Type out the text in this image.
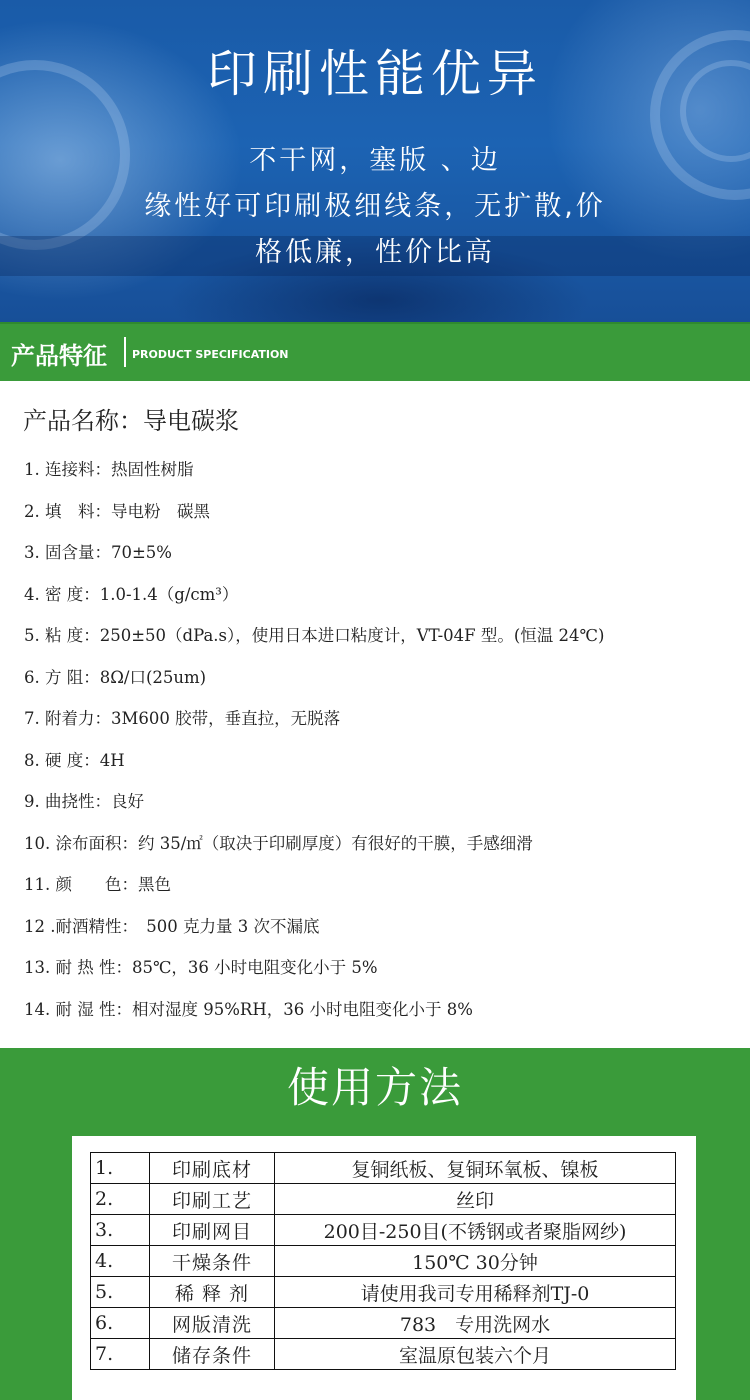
印刷性能优异
不干网，塞版 、边
缘性好可印刷极细线条，无扩散,价
格低廉，性价比高
产品特征 PRODUCT SPECIFICATION
产品名称：导电碳浆
1. 连接料：热固性树脂
2. 填　料：导电粉　碳黑
3. 固含量：70±5%
4. 密 度：1.0-1.4（g/cm³）
5. 粘 度：250±50（dPa.s），使用日本进口粘度计，VT-04F 型。(恒温 24℃)
6. 方 阻：8Ω/口(25um)
7. 附着力：3M600 胶带，垂直拉，无脱落
8. 硬 度：4H
9. 曲挠性：良好
10. 涂布面积：约 35/㎡（取决于印刷厚度）有很好的干膜，手感细滑
11. 颜　　色：黑色
12 .耐酒精性：　500 克力量 3 次不漏底
13. 耐 热 性：85℃，36 小时电阻变化小于 5%
14. 耐 湿 性：相对湿度 95%RH，36 小时电阻变化小于 8%
使用方法
1.	印刷底材	复铜纸板、复铜环氧板、镍板
2.	印刷工艺	丝印
3.	印刷网目	200目-250目(不锈钢或者聚脂网纱)
4.	干燥条件	150℃ 30分钟
5.	稀 释 剂	请使用我司专用稀释剂TJ-0
6.	网版清洗	783　专用洗网水
7.	储存条件	室温原包装六个月
